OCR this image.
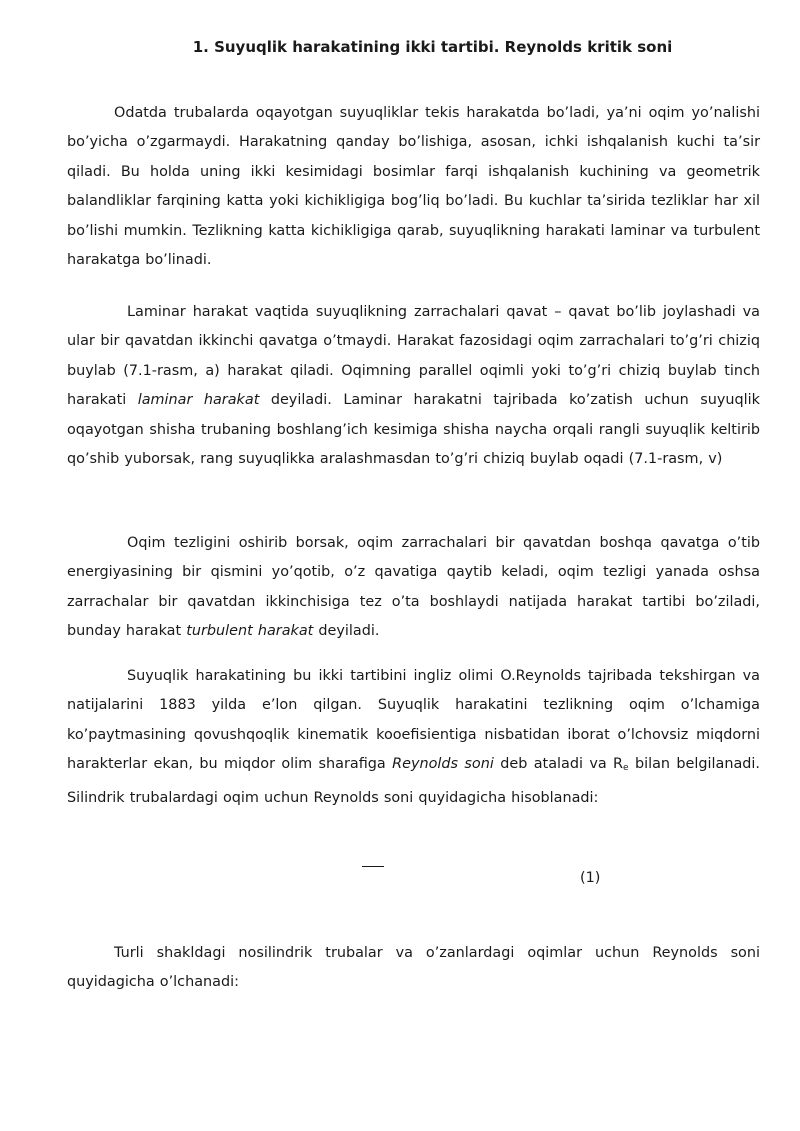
1. Suyuqlik harakatining ikki tartibi. Reynolds kritik soni

Odatda trubalarda oqayotgan suyuqliklar tekis harakatda bo’ladi, ya’ni oqim yo’nalishi bo’yicha o’zgarmaydi. Harakatning qanday bo’lishiga, asosan, ichki ishqalanish kuchi ta’sir qiladi. Bu holda uning ikki kesimidagi bosimlar farqi ishqalanish kuchining va geometrik balandliklar farqining katta yoki kichikligiga bog’liq bo’ladi. Bu kuchlar ta’sirida tezliklar har xil bo’lishi mumkin. Tezlikning katta kichikligiga qarab, suyuqlikning harakati laminar va turbulent harakatga bo’linadi.

Laminar harakat vaqtida suyuqlikning zarrachalari qavat – qavat bo’lib joylashadi va ular bir qavatdan ikkinchi qavatga o’tmaydi. Harakat fazosidagi oqim zarrachalari to’g’ri chiziq buylab (7.1-rasm, a) harakat qiladi. Oqimning parallel oqimli yoki to’g’ri chiziq buylab tinch harakati laminar harakat deyiladi. Laminar harakatni tajribada ko’zatish uchun suyuqlik oqayotgan shisha trubaning boshlang’ich kesimiga shisha naycha orqali rangli suyuqlik keltirib qo’shib yuborsak, rang suyuqlikka aralashmasdan to’g’ri chiziq buylab oqadi (7.1-rasm, v)

Oqim tezligini oshirib borsak, oqim zarrachalari bir qavatdan boshqa qavatga o’tib energiyasining bir qismini yo’qotib, o’z qavatiga qaytib keladi, oqim tezligi yanada oshsa zarrachalar bir qavatdan ikkinchisiga tez o’ta boshlaydi natijada harakat tartibi bo’ziladi, bunday harakat turbulent harakat deyiladi.

Suyuqlik harakatining bu ikki tartibini ingliz olimi O.Reynolds tajribada tekshirgan va natijalarini 1883 yilda e’lon qilgan. Suyuqlik harakatini tezlikning oqim o’lchamiga ko’paytmasining qovushqoqlik kinematik kooefisientiga nisbatidan iborat o’lchovsiz miqdorni harakterlar ekan, bu miqdor olim sharafiga Reynolds soni deb ataladi va $R_e$ bilan belgilanadi. Silindrik trubalardagi oqim uchun Reynolds soni quyidagicha hisoblanadi:

(1)

Turli shakldagi nosilindrik trubalar va o’zanlardagi oqimlar uchun Reynolds soni quyidagicha o’lchanadi:
